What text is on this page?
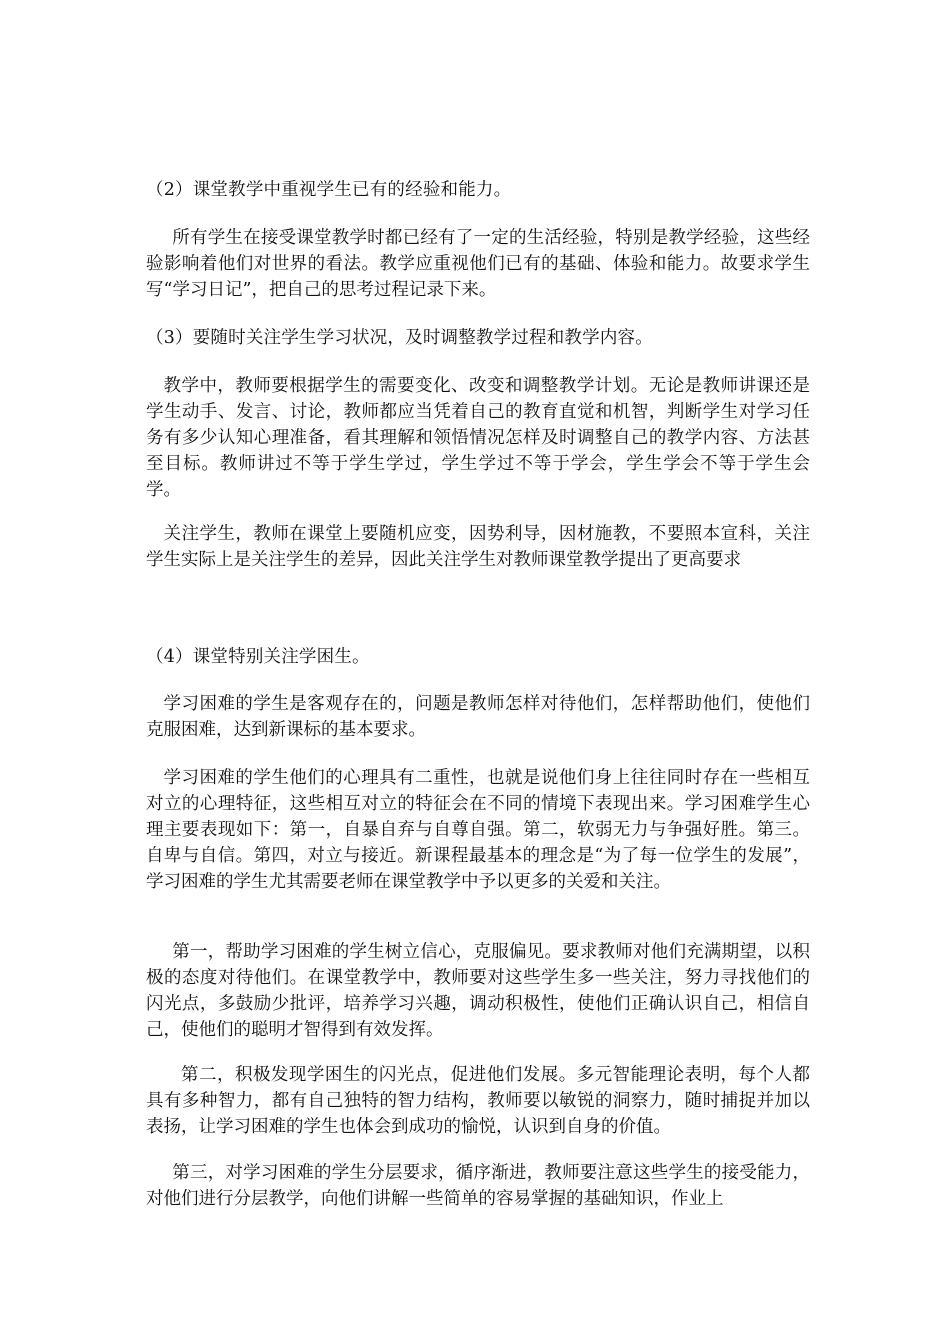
（2）课堂教学中重视学生已有的经验和能力。

所有学生在接受课堂教学时都已经有了一定的生活经验，特别是教学经验，这些经验影响着他们对世界的看法。教学应重视他们已有的基础、体验和能力。故要求学生写“学习日记”，把自己的思考过程记录下来。

（3）要随时关注学生学习状况，及时调整教学过程和教学内容。

教学中，教师要根据学生的需要变化、改变和调整教学计划。无论是教师讲课还是学生动手、发言、讨论，教师都应当凭着自己的教育直觉和机智，判断学生对学习任务有多少认知心理准备，看其理解和领悟情况怎样及时调整自己的教学内容、方法甚至目标。教师讲过不等于学生学过，学生学过不等于学会，学生学会不等于学生会学。

关注学生，教师在课堂上要随机应变，因势利导，因材施教，不要照本宣科，关注学生实际上是关注学生的差异，因此关注学生对教师课堂教学提出了更高要求

（4）课堂特别关注学困生。

学习困难的学生是客观存在的，问题是教师怎样对待他们，怎样帮助他们，使他们克服困难，达到新课标的基本要求。

学习困难的学生他们的心理具有二重性，也就是说他们身上往往同时存在一些相互对立的心理特征，这些相互对立的特征会在不同的情境下表现出来。学习困难学生心理主要表现如下：第一，自暴自弃与自尊自强。第二，软弱无力与争强好胜。第三。自卑与自信。第四，对立与接近。新课程最基本的理念是“为了每一位学生的发展”，学习困难的学生尤其需要老师在课堂教学中予以更多的关爱和关注。

第一，帮助学习困难的学生树立信心，克服偏见。要求教师对他们充满期望，以积极的态度对待他们。在课堂教学中，教师要对这些学生多一些关注，努力寻找他们的闪光点，多鼓励少批评，培养学习兴趣，调动积极性，使他们正确认识自己，相信自己，使他们的聪明才智得到有效发挥。

第二，积极发现学困生的闪光点，促进他们发展。多元智能理论表明，每个人都具有多种智力，都有自己独特的智力结构，教师要以敏锐的洞察力，随时捕捉并加以表扬，让学习困难的学生也体会到成功的愉悦，认识到自身的价值。

第三，对学习困难的学生分层要求，循序渐进，教师要注意这些学生的接受能力，对他们进行分层教学，向他们讲解一些简单的容易掌握的基础知识，作业上
